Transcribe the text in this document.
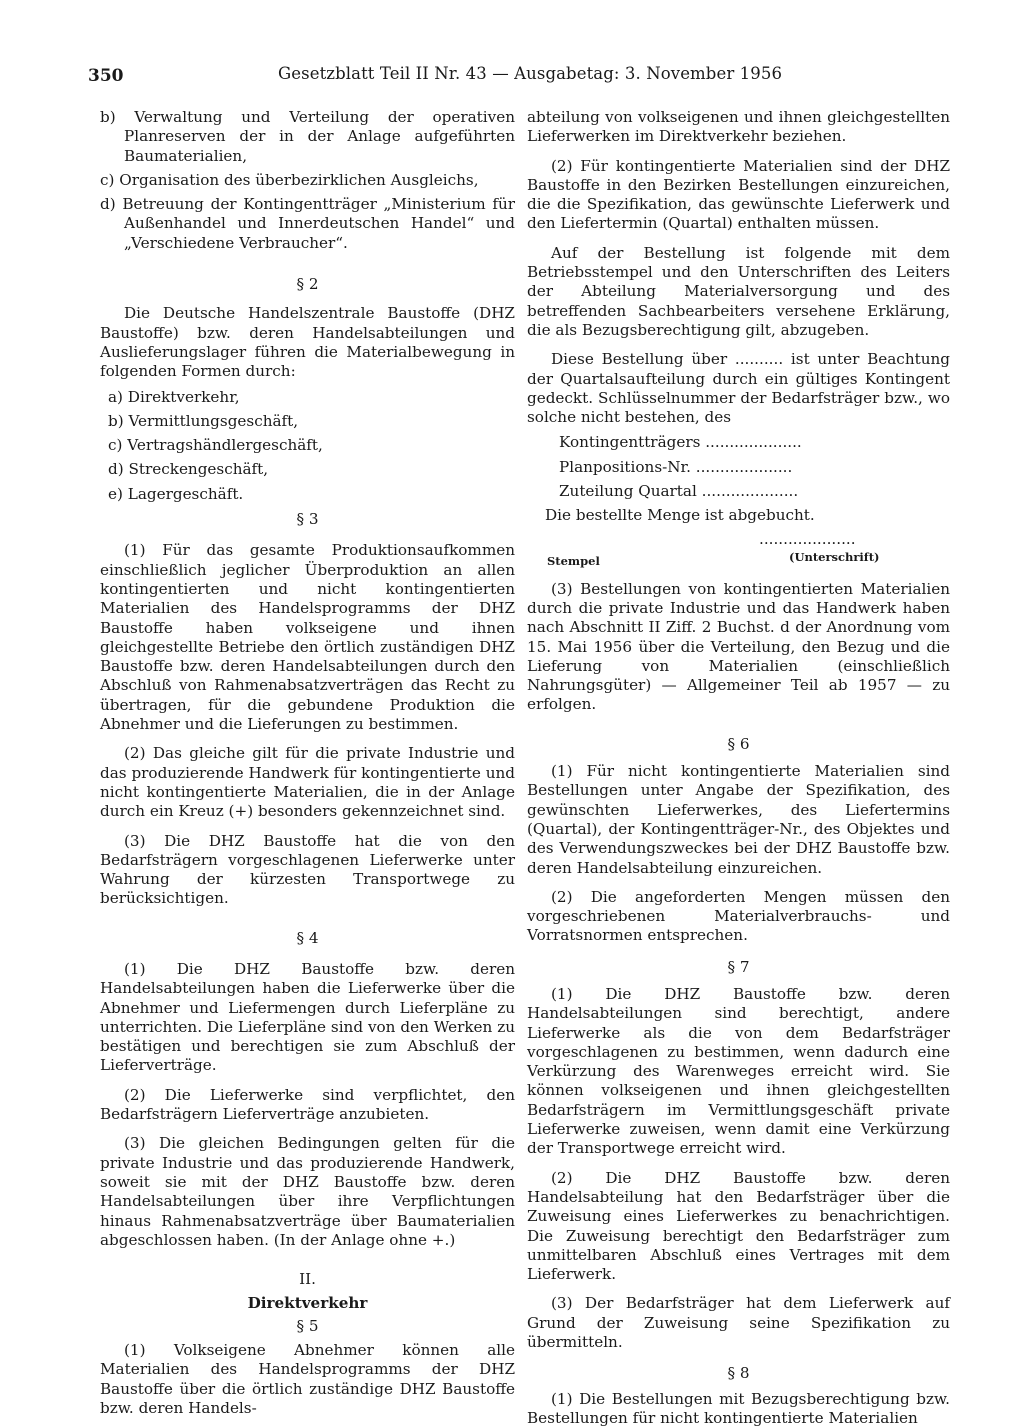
350	Gesetzblatt Teil II Nr. 43 — Ausgabetag: 3. November 1956

b) Verwaltung und Verteilung der operativen Planreserven der in der Anlage aufgeführten Baumaterialien,

c) Organisation des überbezirklichen Ausgleichs,

d) Betreuung der Kontingentträger „Ministerium für Außenhandel und Innerdeutschen Handel“ und „Verschiedene Verbraucher“.

§ 2

Die Deutsche Handelszentrale Baustoffe (DHZ Baustoffe) bzw. deren Handelsabteilungen und Auslieferungslager führen die Materialbewegung in folgenden Formen durch:

a) Direktverkehr,

b) Vermittlungsgeschäft,

c) Vertragshändlergeschäft,

d) Streckengeschäft,

e) Lagergeschäft.

§ 3

(1) Für das gesamte Produktionsaufkommen einschließlich jeglicher Überproduktion an allen kontingentierten und nicht kontingentierten Materialien des Handelsprogramms der DHZ Baustoffe haben volkseigene und ihnen gleichgestellte Betriebe den örtlich zuständigen DHZ Baustoffe bzw. deren Handelsabteilungen durch den Abschluß von Rahmenabsatzverträgen das Recht zu übertragen, für die gebundene Produktion die Abnehmer und die Lieferungen zu bestimmen.

(2) Das gleiche gilt für die private Industrie und das produzierende Handwerk für kontingentierte und nicht kontingentierte Materialien, die in der Anlage durch ein Kreuz (+) besonders gekennzeichnet sind.

(3) Die DHZ Baustoffe hat die von den Bedarfsträgern vorgeschlagenen Lieferwerke unter Wahrung der kürzesten Transportwege zu berücksichtigen.

§ 4

(1) Die DHZ Baustoffe bzw. deren Handelsabteilungen haben die Lieferwerke über die Abnehmer und Liefermengen durch Lieferpläne zu unterrichten. Die Lieferpläne sind von den Werken zu bestätigen und berechtigen sie zum Abschluß der Lieferverträge.

(2) Die Lieferwerke sind verpflichtet, den Bedarfsträgern Lieferverträge anzubieten.

(3) Die gleichen Bedingungen gelten für die private Industrie und das produzierende Handwerk, soweit sie mit der DHZ Baustoffe bzw. deren Handelsabteilungen über ihre Verpflichtungen hinaus Rahmenabsatzverträge über Baumaterialien abgeschlossen haben. (In der Anlage ohne +.)

II.

Direktverkehr

§ 5

(1) Volkseigene Abnehmer können alle Materialien des Handelsprogramms der DHZ Baustoffe über die örtlich zuständige DHZ Baustoffe bzw. deren Handels-

abteilung von volkseigenen und ihnen gleichgestellten Lieferwerken im Direktverkehr beziehen.

(2) Für kontingentierte Materialien sind der DHZ Baustoffe in den Bezirken Bestellungen einzureichen, die die Spezifikation, das gewünschte Lieferwerk und den Liefertermin (Quartal) enthalten müssen.

Auf der Bestellung ist folgende mit dem Betriebsstempel und den Unterschriften des Leiters der Abteilung Materialversorgung und des betreffenden Sachbearbeiters versehene Erklärung, die als Bezugsberechtigung gilt, abzugeben.

Diese Bestellung über .......... ist unter Beachtung der Quartalsaufteilung durch ein gültiges Kontingent gedeckt. Schlüsselnummer der Bedarfsträger bzw., wo solche nicht bestehen, des

Kontingentträgers ....................

Planpositions-Nr. ....................

Zuteilung Quartal ....................

Die bestellte Menge ist abgebucht.

....................
Stempel	(Unterschrift)

(3) Bestellungen von kontingentierten Materialien durch die private Industrie und das Handwerk haben nach Abschnitt II Ziff. 2 Buchst. d der Anordnung vom 15. Mai 1956 über die Verteilung, den Bezug und die Lieferung von Materialien (einschließlich Nahrungsgüter) — Allgemeiner Teil ab 1957 — zu erfolgen.

§ 6

(1) Für nicht kontingentierte Materialien sind Bestellungen unter Angabe der Spezifikation, des gewünschten Lieferwerkes, des Liefertermins (Quartal), der Kontingentträger-Nr., des Objektes und des Verwendungszweckes bei der DHZ Baustoffe bzw. deren Handelsabteilung einzureichen.

(2) Die angeforderten Mengen müssen den vorgeschriebenen Materialverbrauchs- und Vorratsnormen entsprechen.

§ 7

(1) Die DHZ Baustoffe bzw. deren Handelsabteilungen sind berechtigt, andere Lieferwerke als die von dem Bedarfsträger vorgeschlagenen zu bestimmen, wenn dadurch eine Verkürzung des Warenweges erreicht wird. Sie können volkseigenen und ihnen gleichgestellten Bedarfsträgern im Vermittlungsgeschäft private Lieferwerke zuweisen, wenn damit eine Verkürzung der Transportwege erreicht wird.

(2) Die DHZ Baustoffe bzw. deren Handelsabteilung hat den Bedarfsträger über die Zuweisung eines Lieferwerkes zu benachrichtigen. Die Zuweisung berechtigt den Bedarfsträger zum unmittelbaren Abschluß eines Vertrages mit dem Lieferwerk.

(3) Der Bedarfsträger hat dem Lieferwerk auf Grund der Zuweisung seine Spezifikation zu übermitteln.

§ 8

(1) Die Bestellungen mit Bezugsberechtigung bzw. Bestellungen für nicht kontingentierte Materialien
